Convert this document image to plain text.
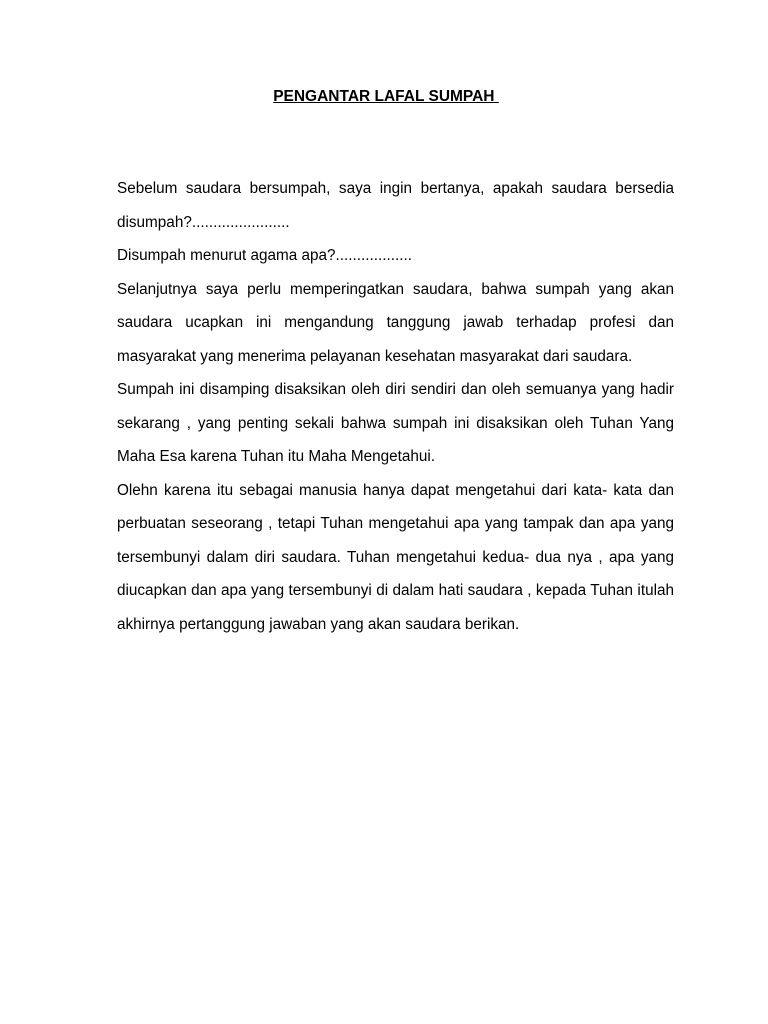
PENGANTAR LAFAL SUMPAH

Sebelum saudara bersumpah, saya ingin bertanya, apakah saudara bersedia disumpah?.......................

Disumpah menurut agama apa?..................

Selanjutnya saya perlu memperingatkan saudara, bahwa sumpah yang akan saudara ucapkan ini mengandung tanggung jawab terhadap profesi dan masyarakat yang menerima pelayanan kesehatan masyarakat dari saudara.

Sumpah ini disamping disaksikan oleh diri sendiri dan oleh semuanya yang hadir sekarang , yang penting sekali bahwa sumpah ini disaksikan oleh Tuhan Yang Maha Esa karena Tuhan itu Maha Mengetahui.

Olehn karena itu sebagai manusia hanya dapat mengetahui dari kata- kata dan perbuatan seseorang , tetapi Tuhan mengetahui apa yang tampak dan apa yang tersembunyi dalam diri saudara. Tuhan mengetahui kedua- dua nya , apa yang diucapkan dan apa yang tersembunyi di dalam hati saudara , kepada Tuhan itulah akhirnya pertanggung jawaban yang akan saudara berikan.
